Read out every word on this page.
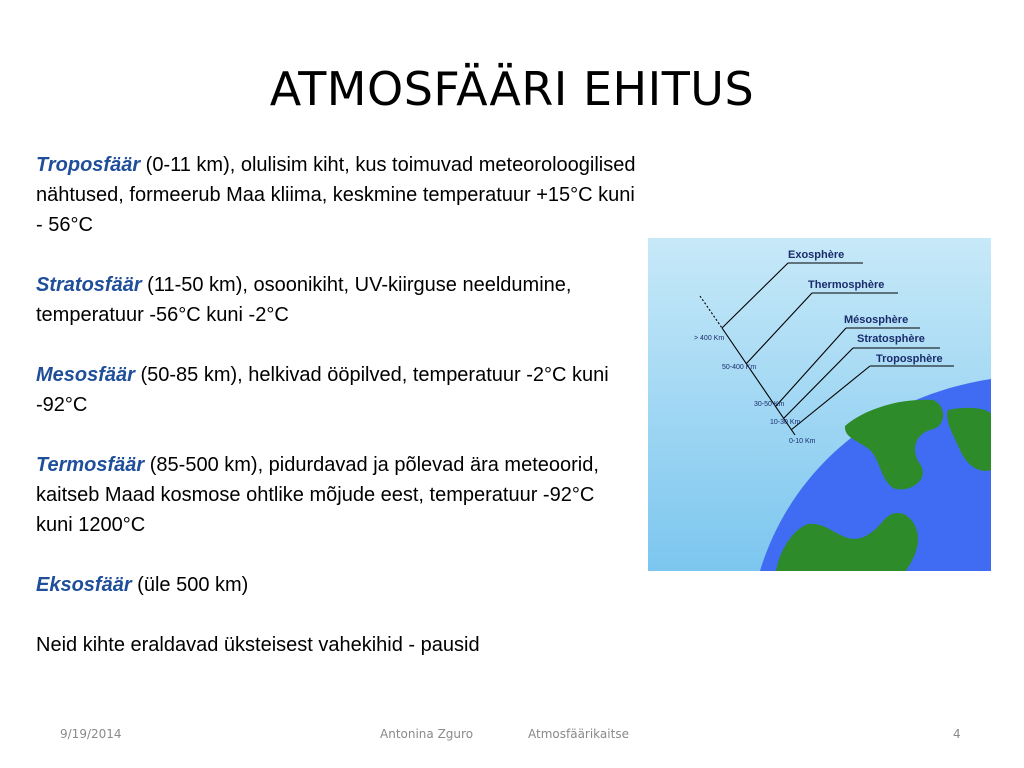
ATMOSFÄÄRI EHITUS

Troposfäär (0-11 km), olulisim kiht, kus toimuvad meteoroloogilised nähtused, formeerub Maa kliima, keskmine temperatuur +15°C kuni - 56°C

Stratosfäär (11-50 km), osoonikiht, UV-kiirguse neeldumine, temperatuur -56°C kuni -2°C

Mesosfäär (50-85 km), helkivad ööpilved, temperatuur -2°C kuni -92°C

Termosfäär (85-500 km), pidurdavad ja põlevad ära meteoorid, kaitseb Maad kosmose ohtlike mõjude eest, temperatuur -92°C kuni 1200°C

Eksosfäär (üle 500 km)

Neid kihte eraldavad üksteisest vahekihid - pausid

Exosphère
Thermosphère
Mésosphère
Stratosphère
Troposphère
> 400 Km
50-400 Km
30-50 Km
10-30 Km
0-10 Km
9/19/2014	Antonina Zguro	Atmosfäärikaitse	4
